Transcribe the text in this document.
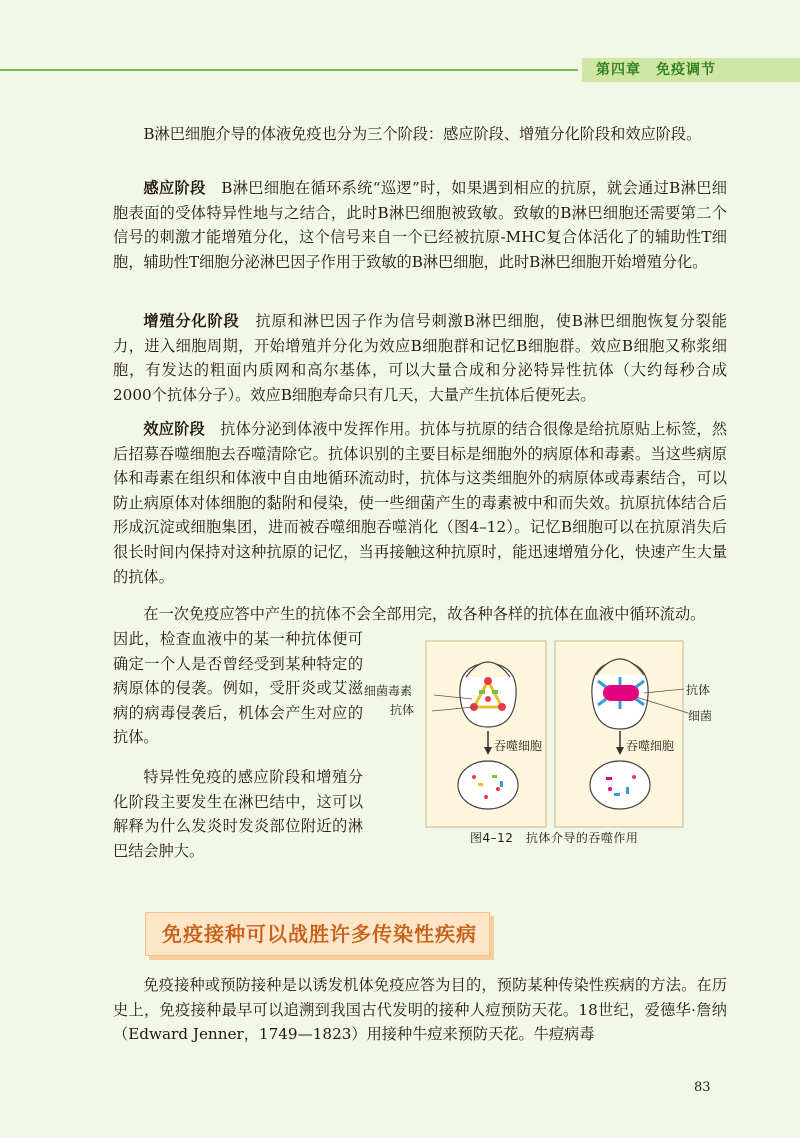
第四章　免疫调节

B淋巴细胞介导的体液免疫也分为三个阶段：感应阶段、增殖分化阶段和效应阶段。

感应阶段　B淋巴细胞在循环系统“巡逻”时，如果遇到相应的抗原，就会通过B淋巴细胞表面的受体特异性地与之结合，此时B淋巴细胞被致敏。致敏的B淋巴细胞还需要第二个信号的刺激才能增殖分化，这个信号来自一个已经被抗原-MHC复合体活化了的辅助性T细胞，辅助性T细胞分泌淋巴因子作用于致敏的B淋巴细胞，此时B淋巴细胞开始增殖分化。

增殖分化阶段　抗原和淋巴因子作为信号刺激B淋巴细胞，使B淋巴细胞恢复分裂能力，进入细胞周期，开始增殖并分化为效应B细胞群和记忆B细胞群。效应B细胞又称浆细胞，有发达的粗面内质网和高尔基体，可以大量合成和分泌特异性抗体（大约每秒合成2000个抗体分子）。效应B细胞寿命只有几天，大量产生抗体后便死去。

效应阶段　抗体分泌到体液中发挥作用。抗体与抗原的结合很像是给抗原贴上标签，然后招募吞噬细胞去吞噬清除它。抗体识别的主要目标是细胞外的病原体和毒素。当这些病原体和毒素在组织和体液中自由地循环流动时，抗体与这类细胞外的病原体或毒素结合，可以防止病原体对体细胞的黏附和侵染，使一些细菌产生的毒素被中和而失效。抗原抗体结合后形成沉淀或细胞集团，进而被吞噬细胞吞噬消化（图4–12）。记忆B细胞可以在抗原消失后很长时间内保持对这种抗原的记忆，当再接触这种抗原时，能迅速增殖分化，快速产生大量的抗体。

在一次免疫应答中产生的抗体不会全部用完，故各种各样的抗体在血液中循环流动。

因此，检查血液中的某一种抗体便可确定一个人是否曾经受到某种特定的病原体的侵袭。例如，受肝炎或艾滋病的病毒侵袭后，机体会产生对应的抗体。

特异性免疫的感应阶段和增殖分化阶段主要发生在淋巴结中，这可以解释为什么发炎时发炎部位附近的淋巴结会肿大。

细菌毒素
抗体
吞噬细胞
抗体
细菌
吞噬细胞
图4–12　抗体介导的吞噬作用
免疫接种可以战胜许多传染性疾病

免疫接种或预防接种是以诱发机体免疫应答为目的，预防某种传染性疾病的方法。在历史上，免疫接种最早可以追溯到我国古代发明的接种人痘预防天花。18世纪，爱德华·詹纳（Edward Jenner，1749—1823）用接种牛痘来预防天花。牛痘病毒

83
